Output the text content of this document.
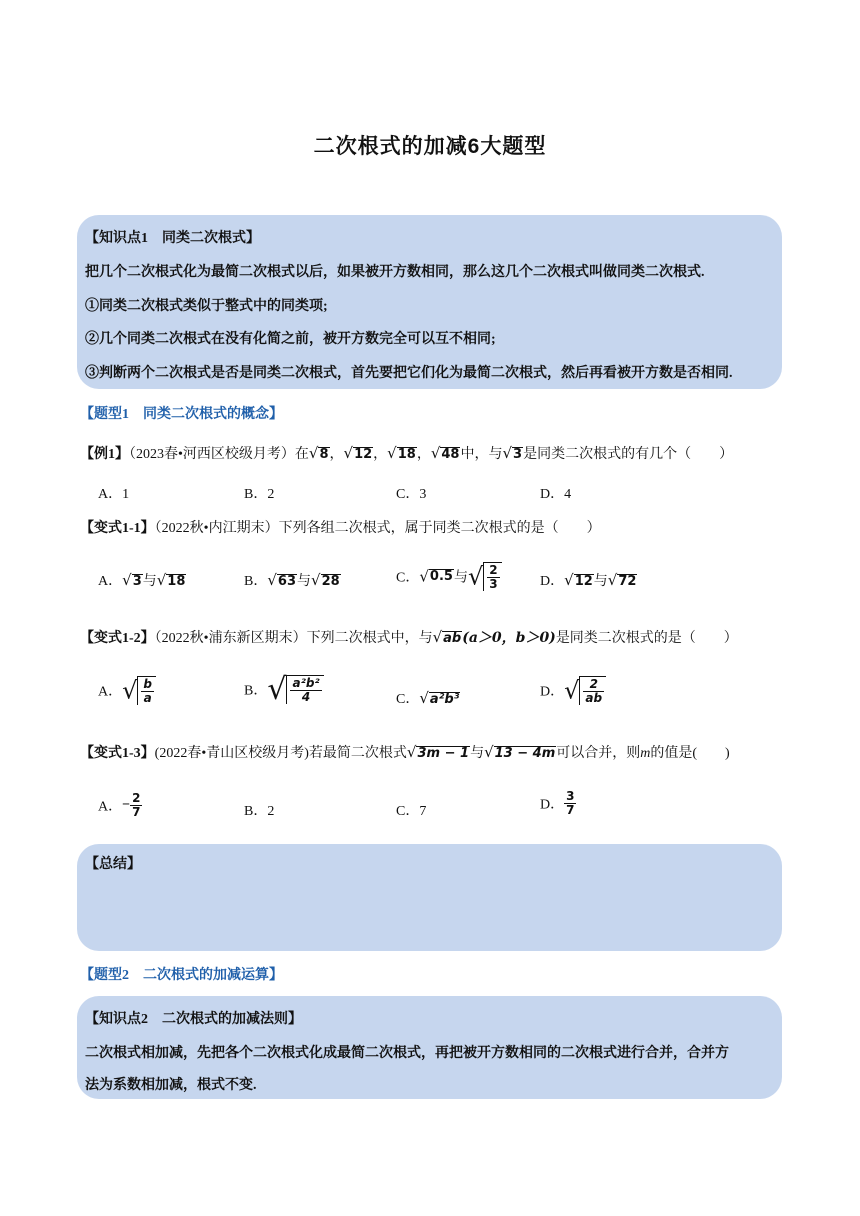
二次根式的加减6大题型
【知识点1　同类二次根式】
把几个二次根式化为最简二次根式以后，如果被开方数相同，那么这几个二次根式叫做同类二次根式.
①同类二次根式类似于整式中的同类项;
②几个同类二次根式在没有化简之前，被开方数完全可以互不相同;
③判断两个二次根式是否是同类二次根式，首先要把它们化为最简二次根式，然后再看被开方数是否相同.
【题型1　同类二次根式的概念】
【例1】（2023春•河西区校级月考）在√8，√12，√18，√48中，与√3是同类二次根式的有几个（　　）
A．1	B．2	C．3	D．4
【变式1-1】（2022秋•内江期末）下列各组二次根式，属于同类二次根式的是（　　）
A．√3与√18	B．√63与√28	C．√0.5与√ $\frac{2}{3}$	D．√12与√72
【变式1-2】（2022秋•浦东新区期末）下列二次根式中，与√ab(a＞0，b＞0)是同类二次根式的是（　　）
A．√ $\frac{b}{a}$	B．√ $\frac{\text{a²b²}}{4}$	C．√a²b³	D．√ $\frac{2}{ab}$
【变式1-3】(2022春•青山区校级月考)若最简二次根式√3m − 1与√13 − 4m可以合并，则m的值是(　　)
A．− $\frac{2}{7}$	B．2	C．7	D． $\frac{3}{7}$
【总结】
【题型2　二次根式的加减运算】
【知识点2　二次根式的加减法则】
二次根式相加减，先把各个二次根式化成最简二次根式，再把被开方数相同的二次根式进行合并，合并方
法为系数相加减，根式不变.
